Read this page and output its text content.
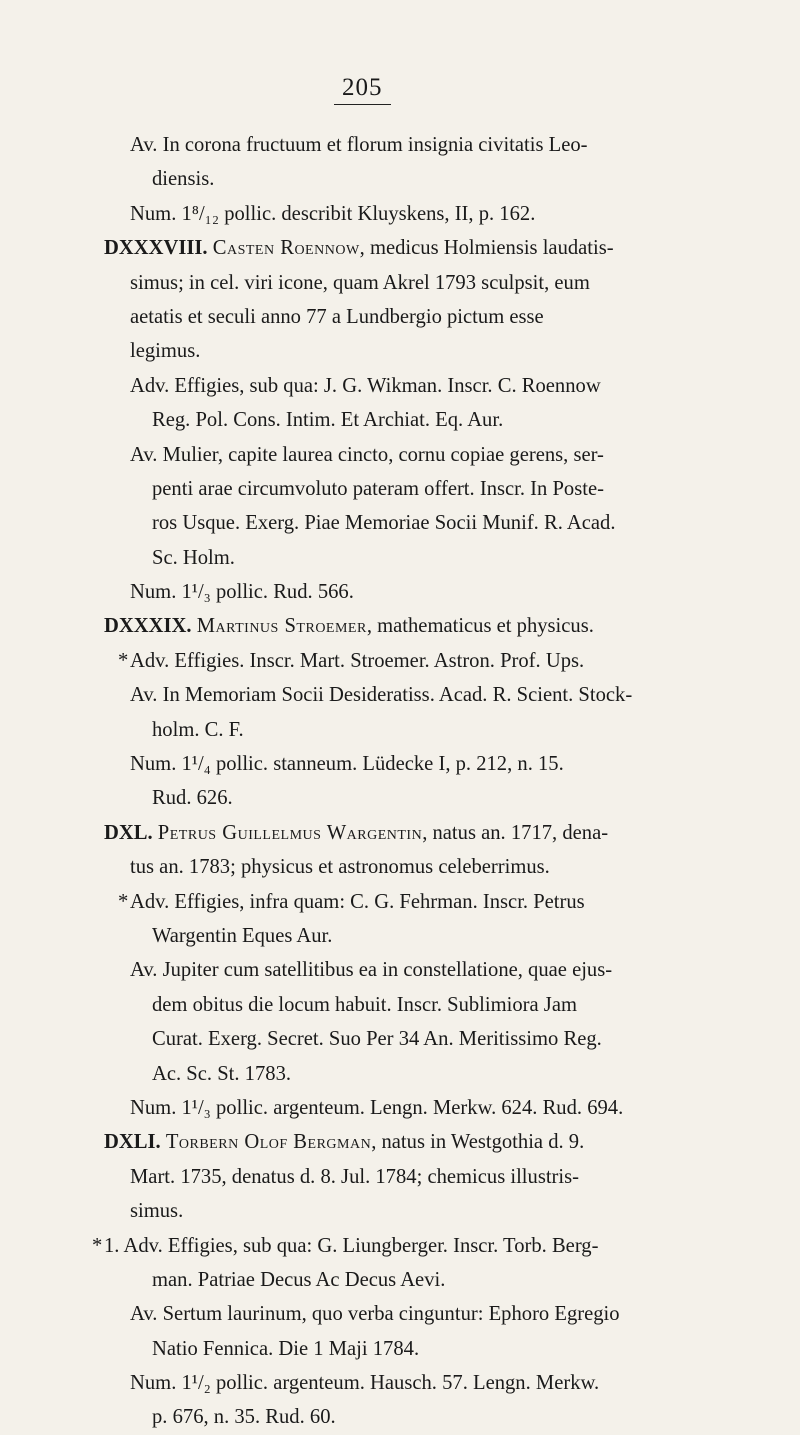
205
Av. In corona fructuum et florum insignia civitatis Leo-
diensis.
Num. 1⁸/₁₂ pollic. describit Kluyskens, II, p. 162.
DXXXVIII. Casten Roennow, medicus Holmiensis laudatis-
simus; in cel. viri icone, quam Akrel 1793 sculpsit, eum
aetatis et seculi anno 77 a Lundbergio pictum esse
legimus.
Adv. Effigies, sub qua: J. G. Wikman. Inscr. C. Roennow
Reg. Pol. Cons. Intim. Et Archiat. Eq. Aur.
Av. Mulier, capite laurea cincto, cornu copiae gerens, ser-
penti arae circumvoluto pateram offert. Inscr. In Poste-
ros Usque. Exerg. Piae Memoriae Socii Munif. R. Acad.
Sc. Holm.
Num. 1¹/₃ pollic. Rud. 566.
DXXXIX. Martinus Stroemer, mathematicus et physicus.
* Adv. Effigies. Inscr. Mart. Stroemer. Astron. Prof. Ups.
Av. In Memoriam Socii Desideratiss. Acad. R. Scient. Stock-
holm. C. F.
Num. 1¹/₄ pollic. stanneum. Lüdecke I, p. 212, n. 15.
Rud. 626.
DXL. Petrus Guillelmus Wargentin, natus an. 1717, dena-
tus an. 1783; physicus et astronomus celeberrimus.
* Adv. Effigies, infra quam: C. G. Fehrman. Inscr. Petrus
Wargentin Eques Aur.
Av. Jupiter cum satellitibus ea in constellatione, quae ejus-
dem obitus die locum habuit. Inscr. Sublimiora Jam
Curat. Exerg. Secret. Suo Per 34 An. Meritissimo Reg.
Ac. Sc. St. 1783.
Num. 1¹/₃ pollic. argenteum. Lengn. Merkw. 624. Rud. 694.
DXLI. Torbern Olof Bergman, natus in Westgothia d. 9.
Mart. 1735, denatus d. 8. Jul. 1784; chemicus illustris-
simus.
* 1. Adv. Effigies, sub qua: G. Liungberger. Inscr. Torb. Berg-
man. Patriae Decus Ac Decus Aevi.
Av. Sertum laurinum, quo verba cinguntur: Ephoro Egregio
Natio Fennica. Die 1 Maji 1784.
Num. 1¹/₂ pollic. argenteum. Hausch. 57. Lengn. Merkw.
p. 676, n. 35. Rud. 60.
